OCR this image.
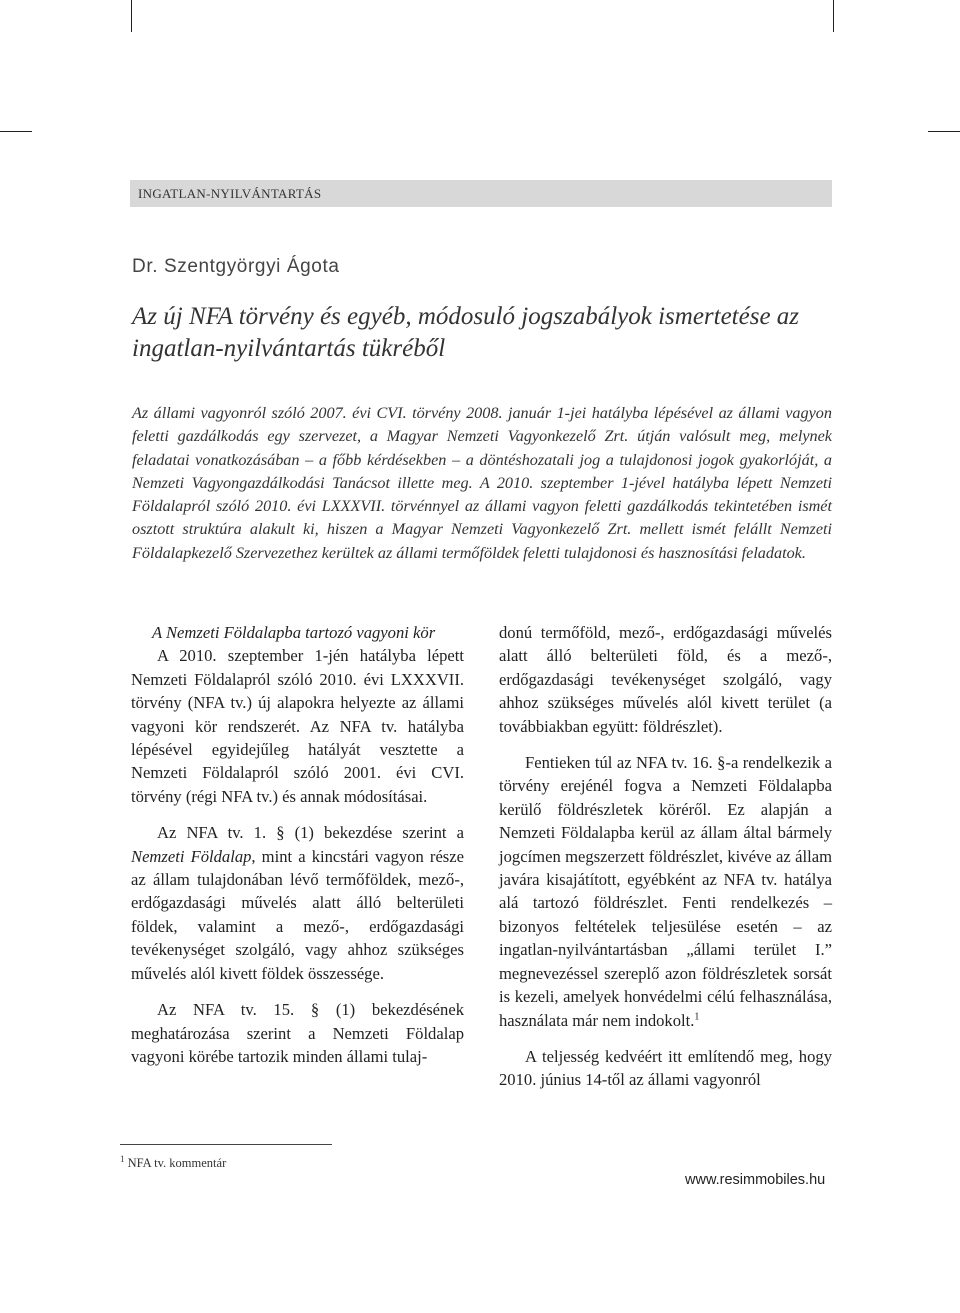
INGATLAN-NYILVÁNTARTÁS
Dr. Szentgyörgyi Ágota
Az új NFA törvény és egyéb, módosuló jogszabályok ismertetése az ingatlan-nyilvántartás tükréből

Az állami vagyonról szóló 2007. évi CVI. törvény 2008. január 1-jei hatályba lépésével az állami vagyon feletti gazdálkodás egy szervezet, a Magyar Nemzeti Vagyonkezelő Zrt. útján valósult meg, melynek feladatai vonatkozásában – a főbb kérdésekben – a döntéshozatali jog a tulajdonosi jogok gyakorlóját, a Nemzeti Vagyongazdálkodási Tanácsot illette meg. A 2010. szeptember 1-jével hatályba lépett Nemzeti Földalapról szóló 2010. évi LXXXVII. törvénnyel az állami vagyon feletti gazdálkodás tekintetében ismét osztott struktúra alakult ki, hiszen a Magyar Nemzeti Vagyonkezelő Zrt. mellett ismét felállt Nemzeti Földalapkezelő Szervezethez kerültek az állami termőföldek feletti tulajdonosi és hasznosítási feladatok.

A Nemzeti Földalapba tartozó vagyoni kör

A 2010. szeptember 1-jén hatályba lépett Nemzeti Földalapról szóló 2010. évi LXXXVII. törvény (NFA tv.) új alapokra helyezte az állami vagyoni kör rendszerét. Az NFA tv. hatályba lépésével egyidejűleg hatályát vesztette a Nemzeti Földalapról szóló 2001. évi CVI. törvény (régi NFA tv.) és annak módosításai.

Az NFA tv. 1. § (1) bekezdése szerint a Nemzeti Földalap, mint a kincstári vagyon része az állam tulajdonában lévő termőföldek, mező-, erdőgazdasági művelés alatt álló belterületi földek, valamint a mező-, erdőgazdasági tevékenységet szolgáló, vagy ahhoz szükséges művelés alól kivett földek összessége.

Az NFA tv. 15. § (1) bekezdésének meghatározása szerint a Nemzeti Földalap vagyoni körébe tartozik minden állami tulaj-

donú termőföld, mező-, erdőgazdasági művelés alatt álló belterületi föld, és a mező-, erdőgazdasági tevékenységet szolgáló, vagy ahhoz szükséges művelés alól kivett terület (a továbbiakban együtt: földrészlet).

Fentieken túl az NFA tv. 16. §-a rendelkezik a törvény erejénél fogva a Nemzeti Földalapba kerülő földrészletek köréről. Ez alapján a Nemzeti Földalapba kerül az állam által bármely jogcímen megszerzett földrészlet, kivéve az állam javára kisajátított, egyébként az NFA tv. hatálya alá tartozó földrészlet. Fenti rendelkezés – bizonyos feltételek teljesülése esetén – az ingatlan-nyilvántartásban „állami terület I.” megnevezéssel szereplő azon földrészletek sorsát is kezeli, amelyek honvédelmi célú felhasználása, használata már nem indokolt.$^1$

A teljesség kedvéért itt említendő meg, hogy 2010. június 14-től az állami vagyonról

$^1$ NFA tv. kommentár
www.resimmobiles.hu
